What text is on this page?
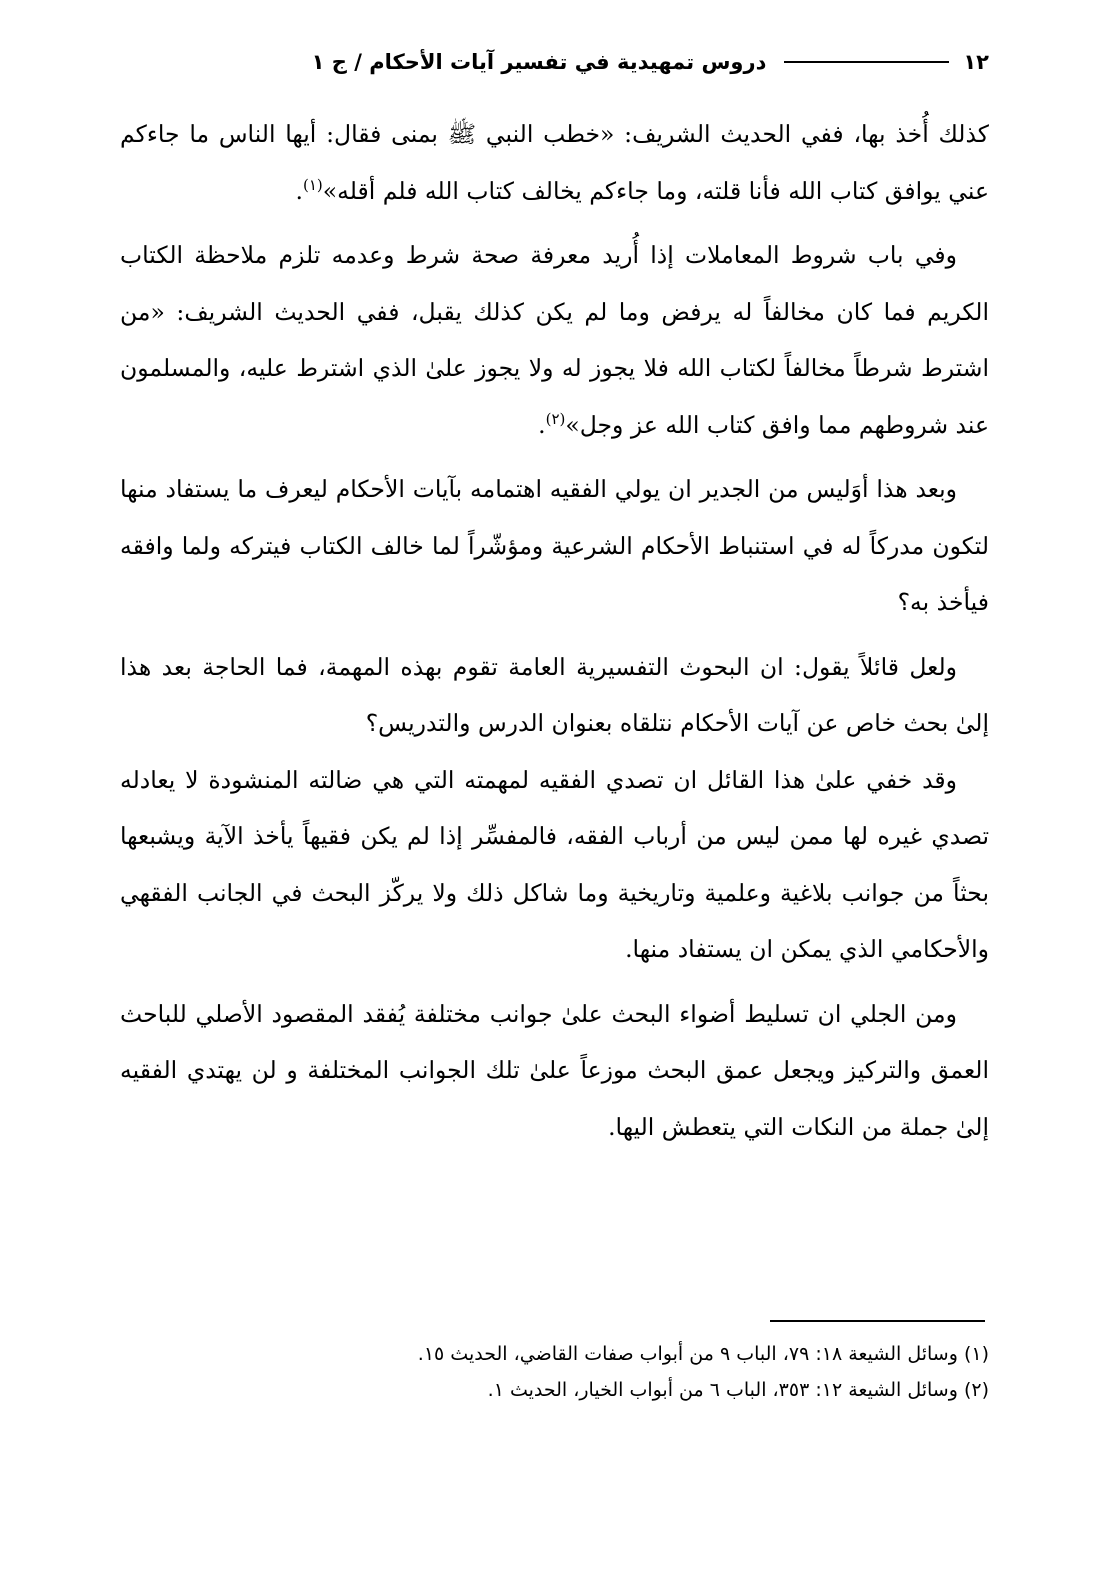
١٢
دروس تمهيدية في تفسير آيات الأحكام / ج ١

كذلك أُخذ بها، ففي الحديث الشريف: «خطب النبي ﷺ بمنى فقال: أيها الناس ما جاءكم عني يوافق كتاب الله فأنا قلته، وما جاءكم يخالف كتاب الله فلم أقله»$^{(١)}$.

وفي باب شروط المعاملات إذا أُريد معرفة صحة شرط وعدمه تلزم ملاحظة الكتاب الكريم فما كان مخالفاً له يرفض وما لم يكن كذلك يقبل، ففي الحديث الشريف: «من اشترط شرطاً مخالفاً لكتاب الله فلا يجوز له ولا يجوز علىٰ الذي اشترط عليه، والمسلمون عند شروطهم مما وافق كتاب الله عز وجل»$^{(٢)}$.

وبعد هذا أوَليس من الجدير ان يولي الفقيه اهتمامه بآيات الأحكام ليعرف ما يستفاد منها لتكون مدركاً له في استنباط الأحكام الشرعية ومؤشّراً لما خالف الكتاب فيتركه ولما وافقه فيأخذ به؟

ولعل قائلاً يقول: ان البحوث التفسيرية العامة تقوم بهذه المهمة، فما الحاجة بعد هذا إلىٰ بحث خاص عن آيات الأحكام نتلقاه بعنوان الدرس والتدريس؟

وقد خفي علىٰ هذا القائل ان تصدي الفقيه لمهمته التي هي ضالته المنشودة لا يعادله تصدي غيره لها ممن ليس من أرباب الفقه، فالمفسِّر إذا لم يكن فقيهاً يأخذ الآية ويشبعها بحثاً من جوانب بلاغية وعلمية وتاريخية وما شاكل ذلك ولا يركّز البحث في الجانب الفقهي والأحكامي الذي يمكن ان يستفاد منها.

ومن الجلي ان تسليط أضواء البحث علىٰ جوانب مختلفة يُفقد المقصود الأصلي للباحث العمق والتركيز ويجعل عمق البحث موزعاً علىٰ تلك الجوانب المختلفة و لن يهتدي الفقيه إلىٰ جملة من النكات التي يتعطش اليها.

(١) وسائل الشيعة ١٨: ٧٩، الباب ٩ من أبواب صفات القاضي، الحديث ١٥.
(٢) وسائل الشيعة ١٢: ٣٥٣، الباب ٦ من أبواب الخيار، الحديث ١.
